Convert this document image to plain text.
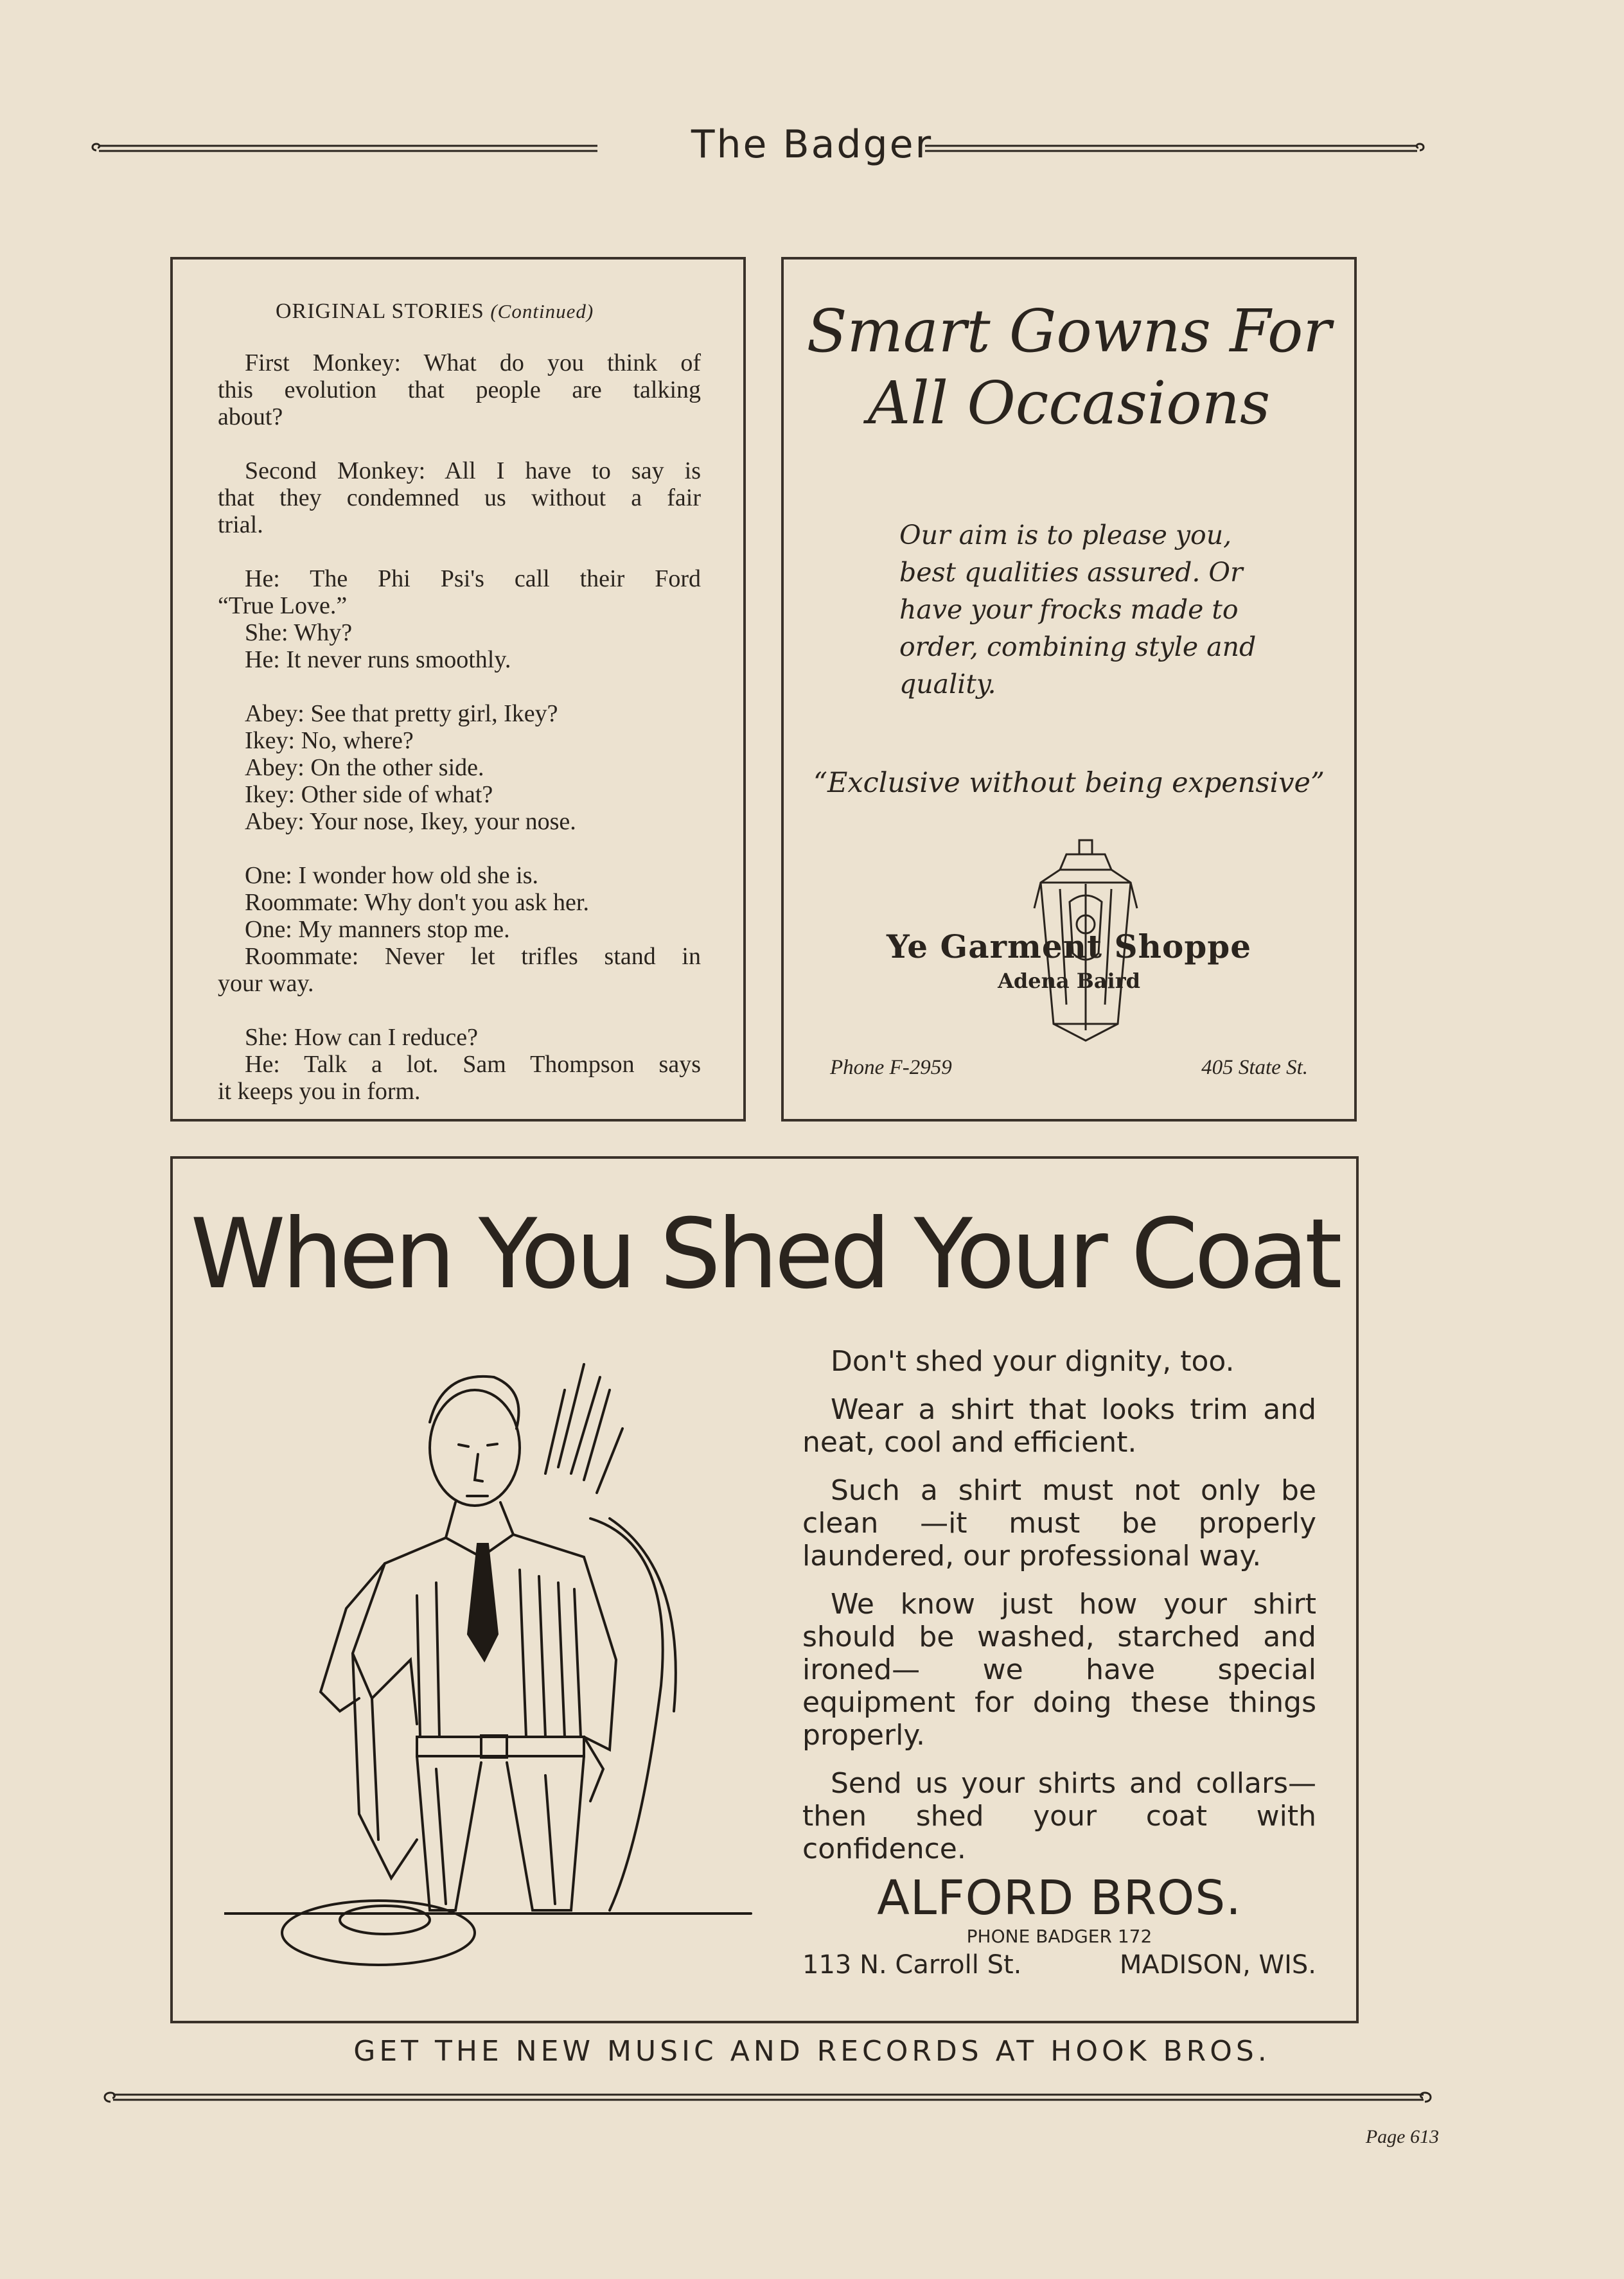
The Badger
ORIGINAL STORIES (Continued)
First Monkey: What do you think of
this evolution that people are talking
about?
Second Monkey: All I have to say is
that they condemned us without a fair
trial.
He: The Phi Psi's call their Ford
“True Love.”
She: Why?
He: It never runs smoothly.
Abey: See that pretty girl, Ikey?
Ikey: No, where?
Abey: On the other side.
Ikey: Other side of what?
Abey: Your nose, Ikey, your nose.
One: I wonder how old she is.
Roommate: Why don't you ask her.
One: My manners stop me.
Roommate: Never let trifles stand in
your way.
She: How can I reduce?
He: Talk a lot. Sam Thompson says
it keeps you in form.
Smart Gowns For
All Occasions
Our aim is to please you,
best qualities assured. Or
have your frocks made to
order, combining style and
quality.
“Exclusive without being expensive”
Ye Garment Shoppe
Adena Baird
Phone F-2959	405 State St.
When You Shed Your Coat
Don't shed your dignity, too.
Wear a shirt that looks trim and neat, cool and efficient.
Such a shirt must not only be clean —it must be properly laundered, our professional way.
We know just how your shirt should be washed, starched and ironed— we have special equipment for doing these things properly.
Send us your shirts and collars— then shed your coat with confidence.
ALFORD BROS.
PHONE BADGER 172
113 N. Carroll St.	MADISON, WIS.
GET THE NEW MUSIC AND RECORDS AT HOOK BROS.
Page 613
